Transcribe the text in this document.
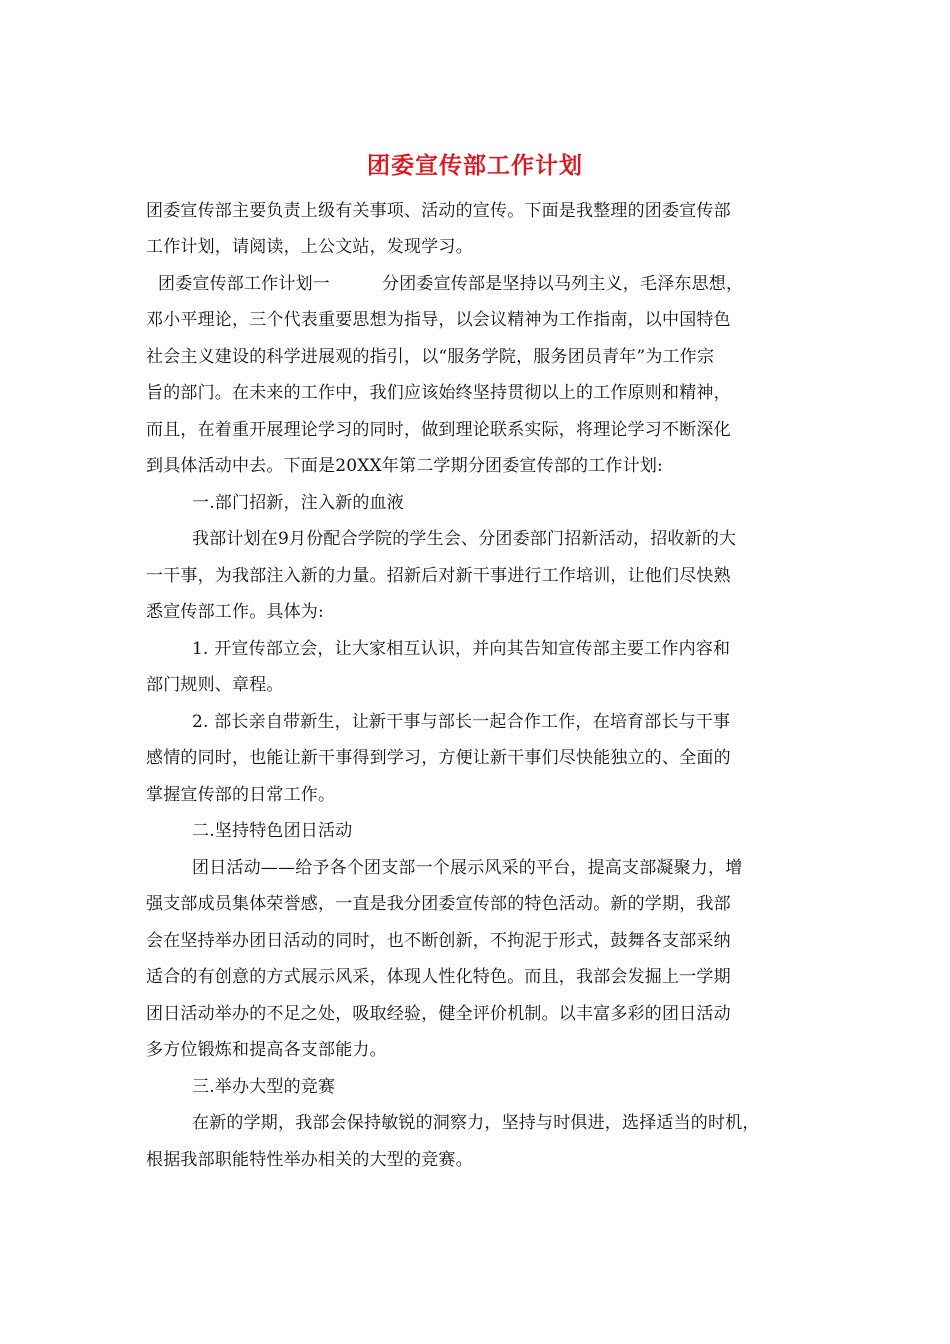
团委宣传部工作计划
团委宣传部主要负责上级有关事项、活动的宣传。下面是我整理的团委宣传部
工作计划，请阅读，上公文站，发现学习。
团委宣传部工作计划一	分团委宣传部是坚持以马列主义，毛泽东思想，
邓小平理论，三个代表重要思想为指导，以会议精神为工作指南，以中国特色
社会主义建设的科学进展观的指引，以“服务学院，服务团员青年”为工作宗
旨的部门。在未来的工作中，我们应该始终坚持贯彻以上的工作原则和精神，
而且，在着重开展理论学习的同时，做到理论联系实际，将理论学习不断深化
到具体活动中去。下面是20XX年第二学期分团委宣传部的工作计划:
一.部门招新，注入新的血液
我部计划在9月份配合学院的学生会、分团委部门招新活动，招收新的大
一干事，为我部注入新的力量。招新后对新干事进行工作培训，让他们尽快熟
悉宣传部工作。具体为:
1. 开宣传部立会，让大家相互认识，并向其告知宣传部主要工作内容和
部门规则、章程。
2. 部长亲自带新生，让新干事与部长一起合作工作，在培育部长与干事
感情的同时，也能让新干事得到学习，方便让新干事们尽快能独立的、全面的
掌握宣传部的日常工作。
二.坚持特色团日活动
团日活动——给予各个团支部一个展示风采的平台，提高支部凝聚力，增
强支部成员集体荣誉感，一直是我分团委宣传部的特色活动。新的学期，我部
会在坚持举办团日活动的同时，也不断创新，不拘泥于形式，鼓舞各支部采纳
适合的有创意的方式展示风采，体现人性化特色。而且，我部会发掘上一学期
团日活动举办的不足之处，吸取经验，健全评价机制。以丰富多彩的团日活动
多方位锻炼和提高各支部能力。
三.举办大型的竞赛
在新的学期，我部会保持敏锐的洞察力，坚持与时俱进，选择适当的时机，
根据我部职能特性举办相关的大型的竞赛。
